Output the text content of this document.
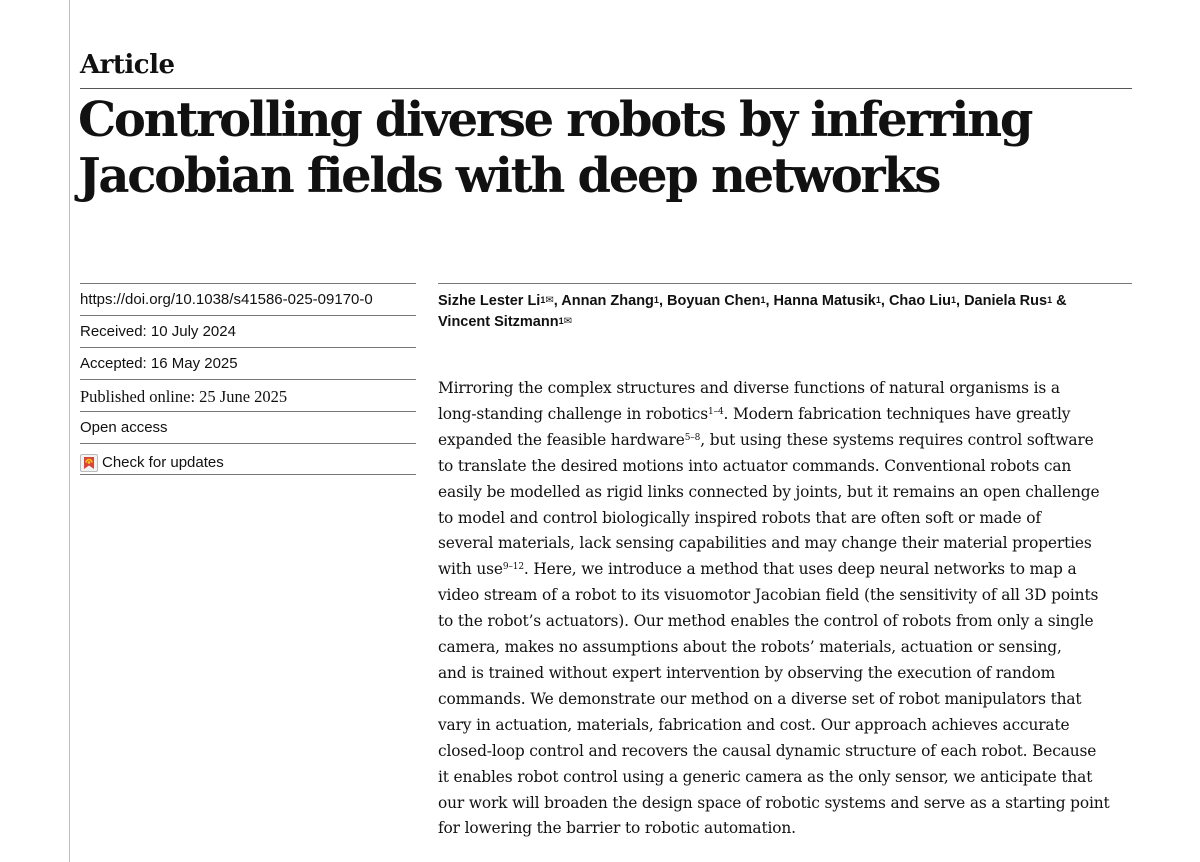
Article
Controlling diverse robots by inferring
Jacobian fields with deep networks
https://doi.org/10.1038/s41586-025-09170-0
Received: 10 July 2024
Accepted: 16 May 2025
Published online: 25 June 2025
Open access
Check for updates
Sizhe Lester $Li^{1✉}$, Annan Zhang$^1$, Boyuan Chen$^1$, Hanna Matusik$^1$, Chao Liu$^1$, Daniela Rus$^1$ &
Vincent Sitzmann$^{1✉}$
Mirroring the complex structures and diverse functions of natural organisms is a
long-standing challenge in robotics$^{1-4}$. Modern fabrication techniques have greatly
expanded the feasible hardware$^{5-8}$, but using these systems requires control software
to translate the desired motions into actuator commands. Conventional robots can
easily be modelled as rigid links connected by joints, but it remains an open challenge
to model and control biologically inspired robots that are often soft or made of
several materials, lack sensing capabilities and may change their material properties
with use$^{9-12}$. Here, we introduce a method that uses deep neural networks to map a
video stream of a robot to its visuomotor Jacobian field (the sensitivity of all 3D points
to the robot’s actuators). Our method enables the control of robots from only a single
camera, makes no assumptions about the robots’ materials, actuation or sensing,
and is trained without expert intervention by observing the execution of random
commands. We demonstrate our method on a diverse set of robot manipulators that
vary in actuation, materials, fabrication and cost. Our approach achieves accurate
closed-loop control and recovers the causal dynamic structure of each robot. Because
it enables robot control using a generic camera as the only sensor, we anticipate that
our work will broaden the design space of robotic systems and serve as a starting point
for lowering the barrier to robotic automation.
